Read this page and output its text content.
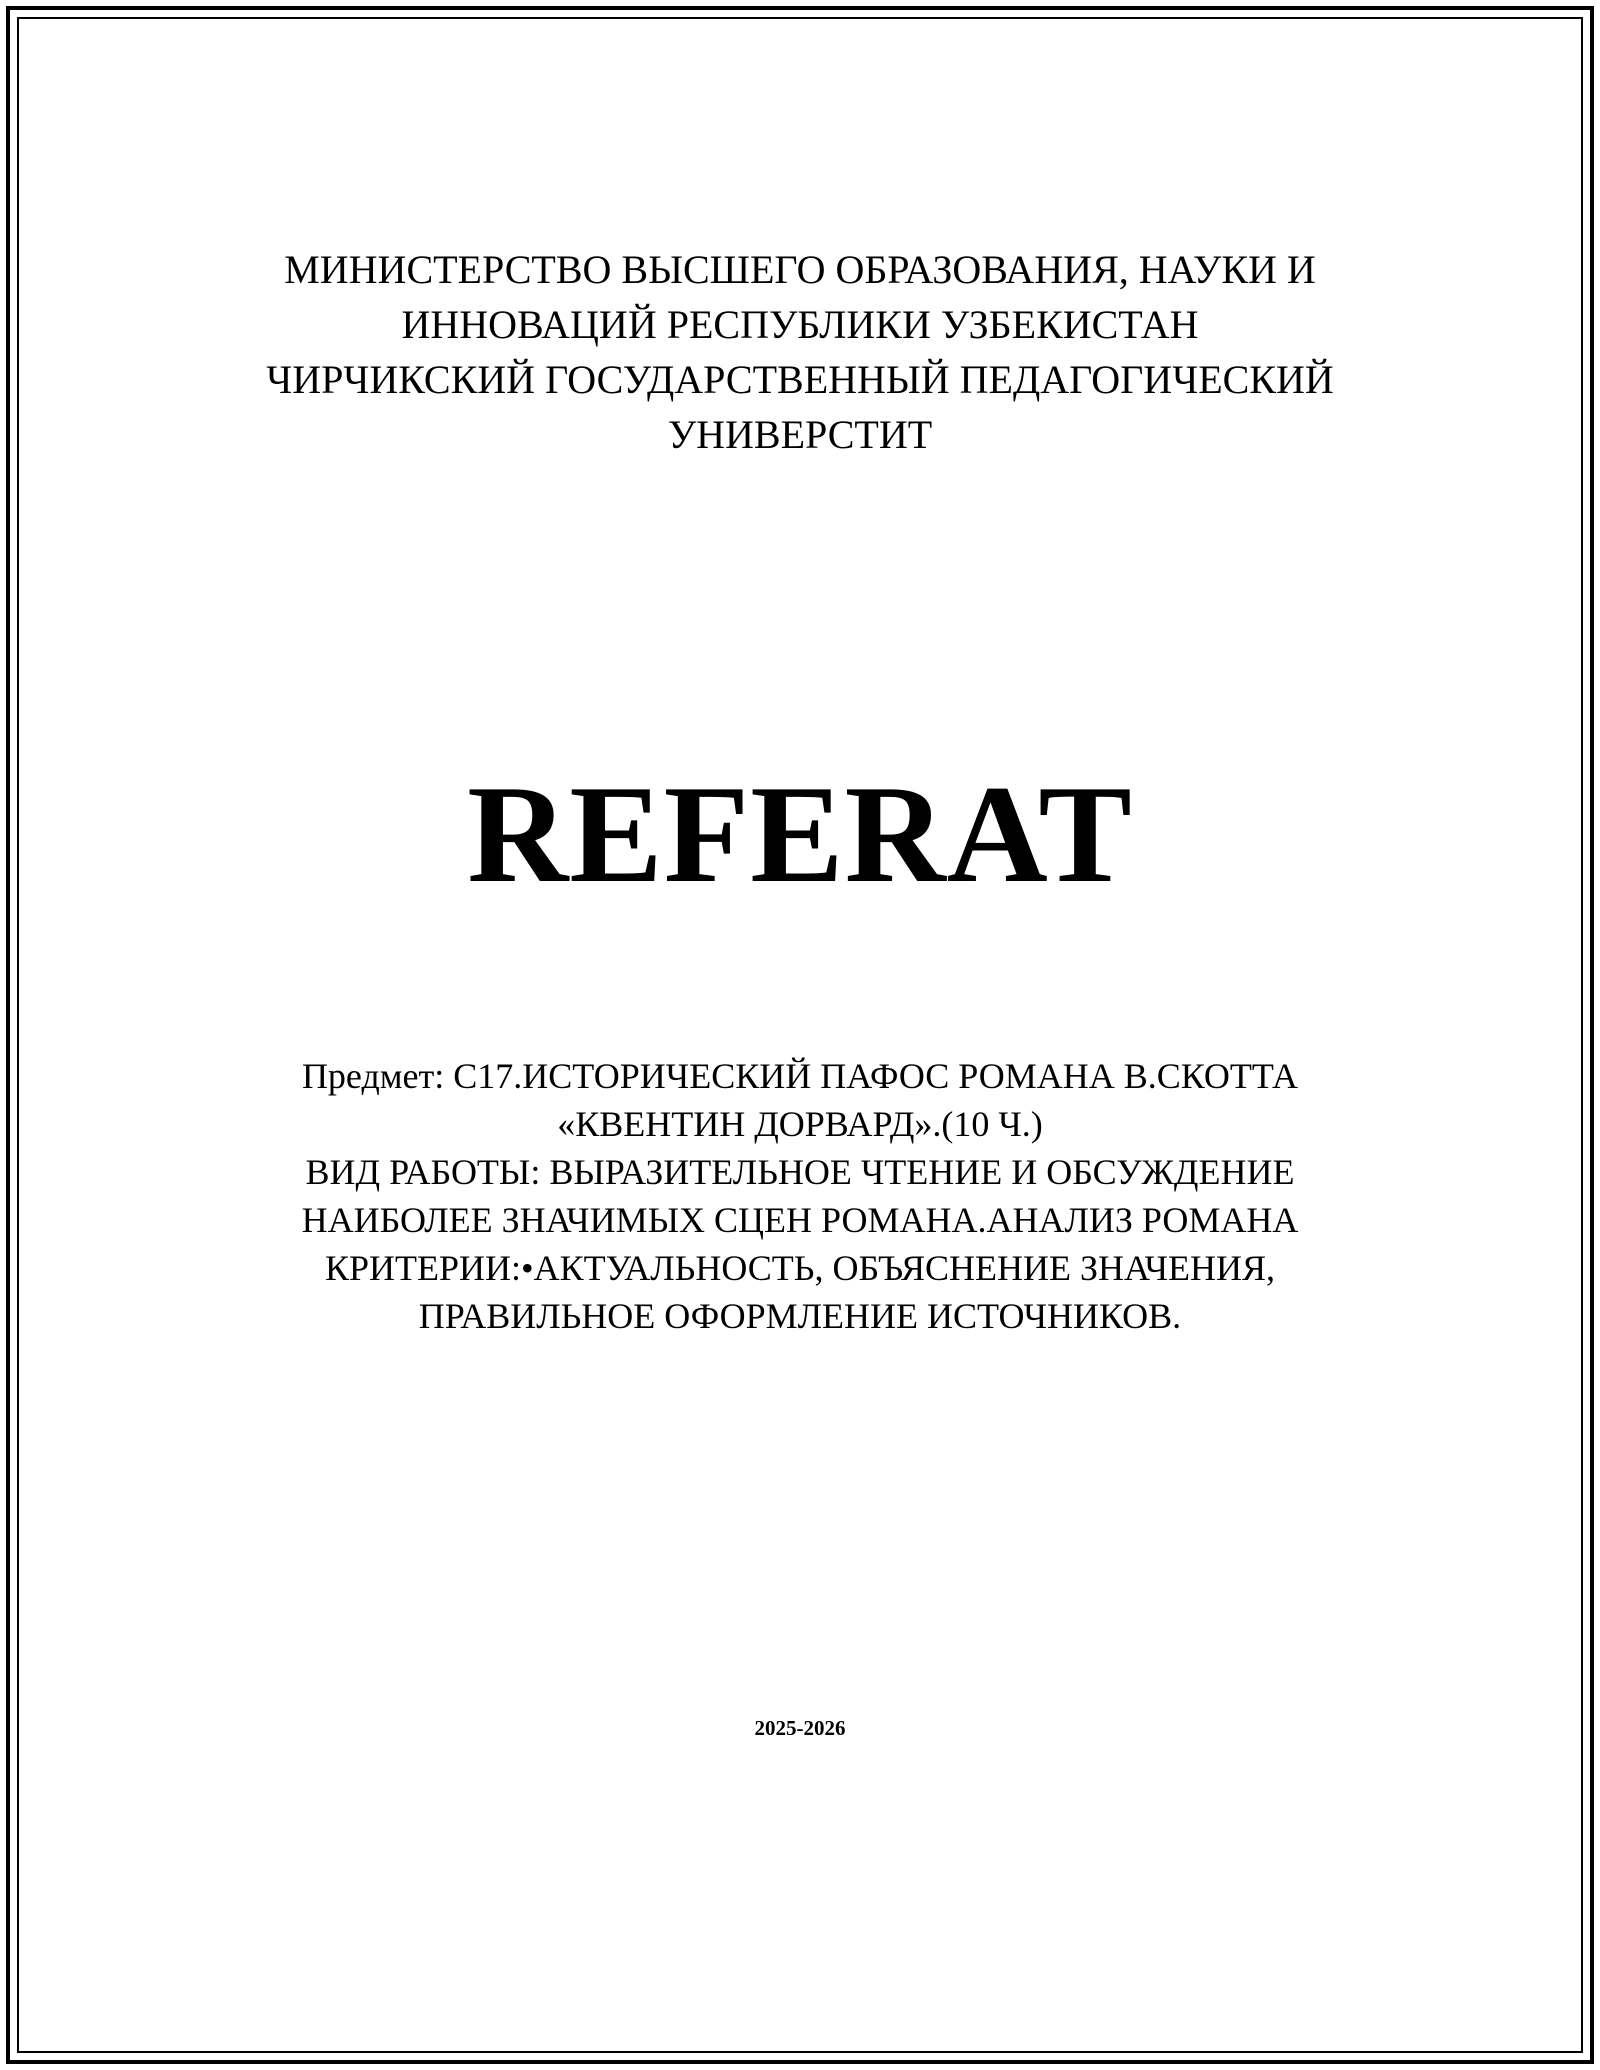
МИНИСТЕРСТВО ВЫСШЕГО ОБРАЗОВАНИЯ, НАУКИ И
ИННОВАЦИЙ РЕСПУБЛИКИ УЗБЕКИСТАН
ЧИРЧИКСКИЙ ГОСУДАРСТВЕННЫЙ ПЕДАГОГИЧЕСКИЙ
УНИВЕРСТИТ
REFERAT
Предмет: С17.ИСТОРИЧЕСКИЙ ПАФОС РОМАНА В.СКОТТА
«КВЕНТИН ДОРВАРД».(10 Ч.)
ВИД РАБОТЫ: ВЫРАЗИТЕЛЬНОЕ ЧТЕНИЕ И ОБСУЖДЕНИЕ
НАИБОЛЕЕ ЗНАЧИМЫХ СЦЕН РОМАНА.АНАЛИЗ РОМАНА
КРИТЕРИИ:•АКТУАЛЬНОСТЬ, ОБЪЯСНЕНИЕ ЗНАЧЕНИЯ,
ПРАВИЛЬНОЕ ОФОРМЛЕНИЕ ИСТОЧНИКОВ.
2025-2026
